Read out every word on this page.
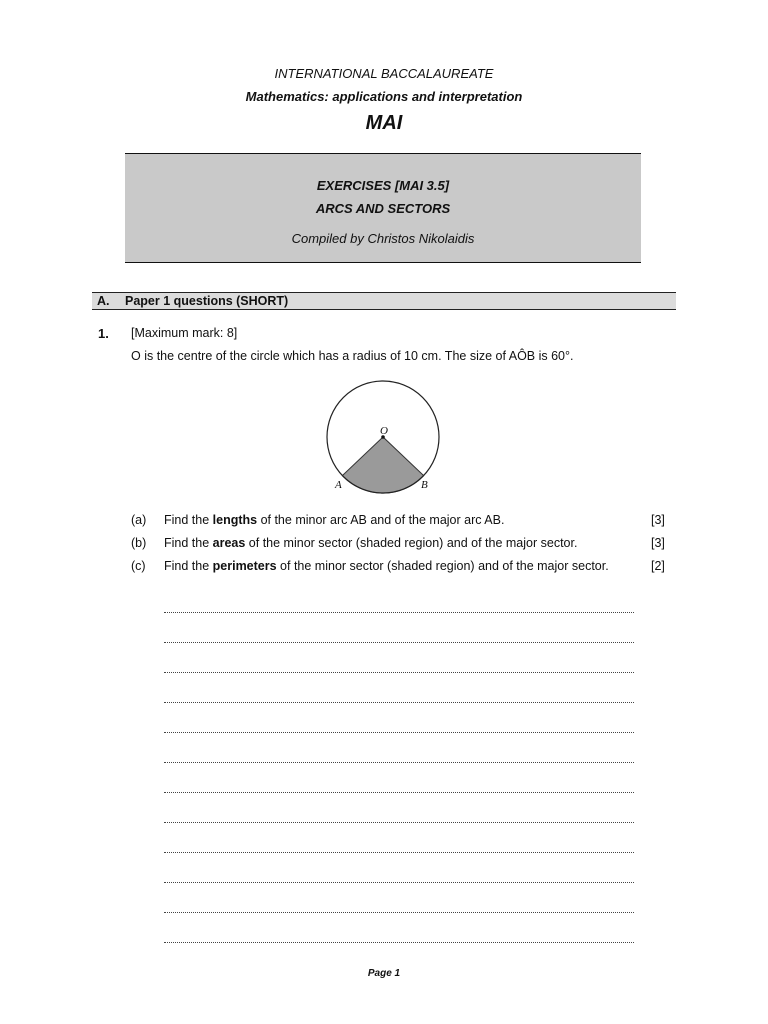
INTERNATIONAL BACCALAUREATE
Mathematics: applications and interpretation
MAI
EXERCISES [MAI 3.5]
ARCS AND SECTORS
Compiled by Christos Nikolaidis
A. Paper 1 questions (SHORT)
1. [Maximum mark: 8]
O is the centre of the circle which has a radius of 10 cm. The size of AÔB is 60°.
O
A	B
(a) Find the lengths of the minor arc AB and of the major arc AB.	[3]
(b) Find the areas of the minor sector (shaded region) and of the major sector.	[3]
(c) Find the perimeters of the minor sector (shaded region) and of the major sector.	[2]
Page 1
